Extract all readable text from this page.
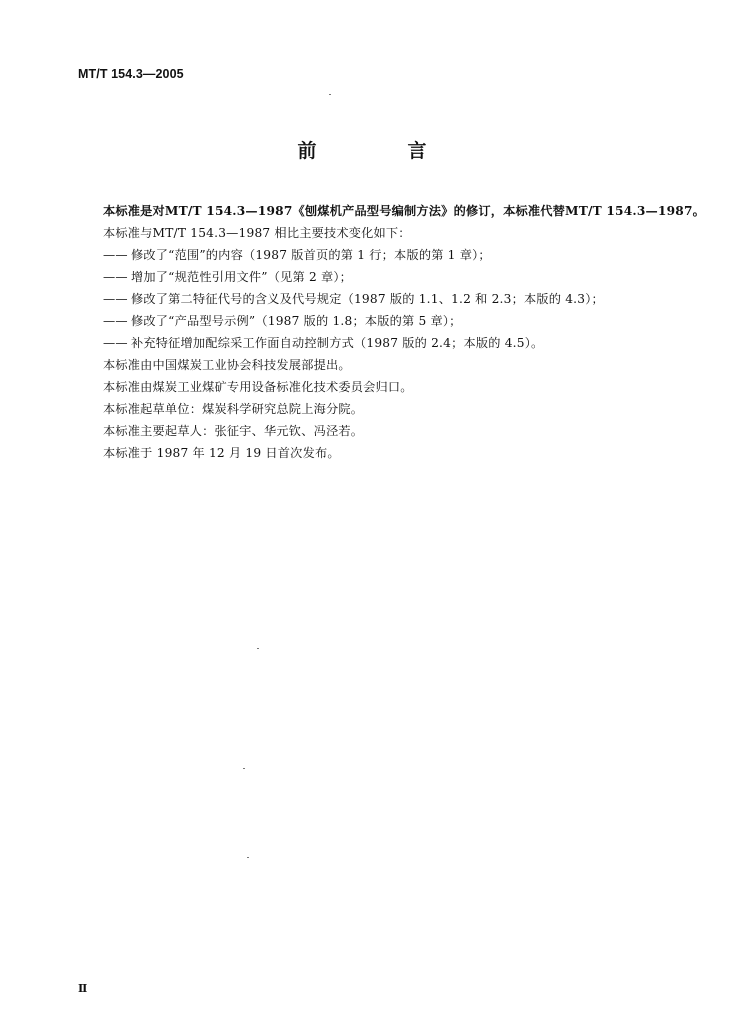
MT/T 154.3—2005
前　言
本标准是对MT/T 154.3—1987《刨煤机产品型号编制方法》的修订，本标准代替MT/T 154.3—1987。
本标准与MT/T 154.3—1987 相比主要技术变化如下：
—— 修改了“范围”的内容（1987 版首页的第 1 行；本版的第 1 章）；
—— 增加了“规范性引用文件”（见第 2 章）；
—— 修改了第二特征代号的含义及代号规定（1987 版的 1.1、1.2 和 2.3；本版的 4.3）；
—— 修改了“产品型号示例”（1987 版的 1.8；本版的第 5 章）；
—— 补充特征增加配综采工作面自动控制方式（1987 版的 2.4；本版的 4.5）。
本标准由中国煤炭工业协会科技发展部提出。
本标准由煤炭工业煤矿专用设备标准化技术委员会归口。
本标准起草单位：煤炭科学研究总院上海分院。
本标准主要起草人：张征宇、华元钦、冯泾若。
本标准于 1987 年 12 月 19 日首次发布。
Ⅱ
